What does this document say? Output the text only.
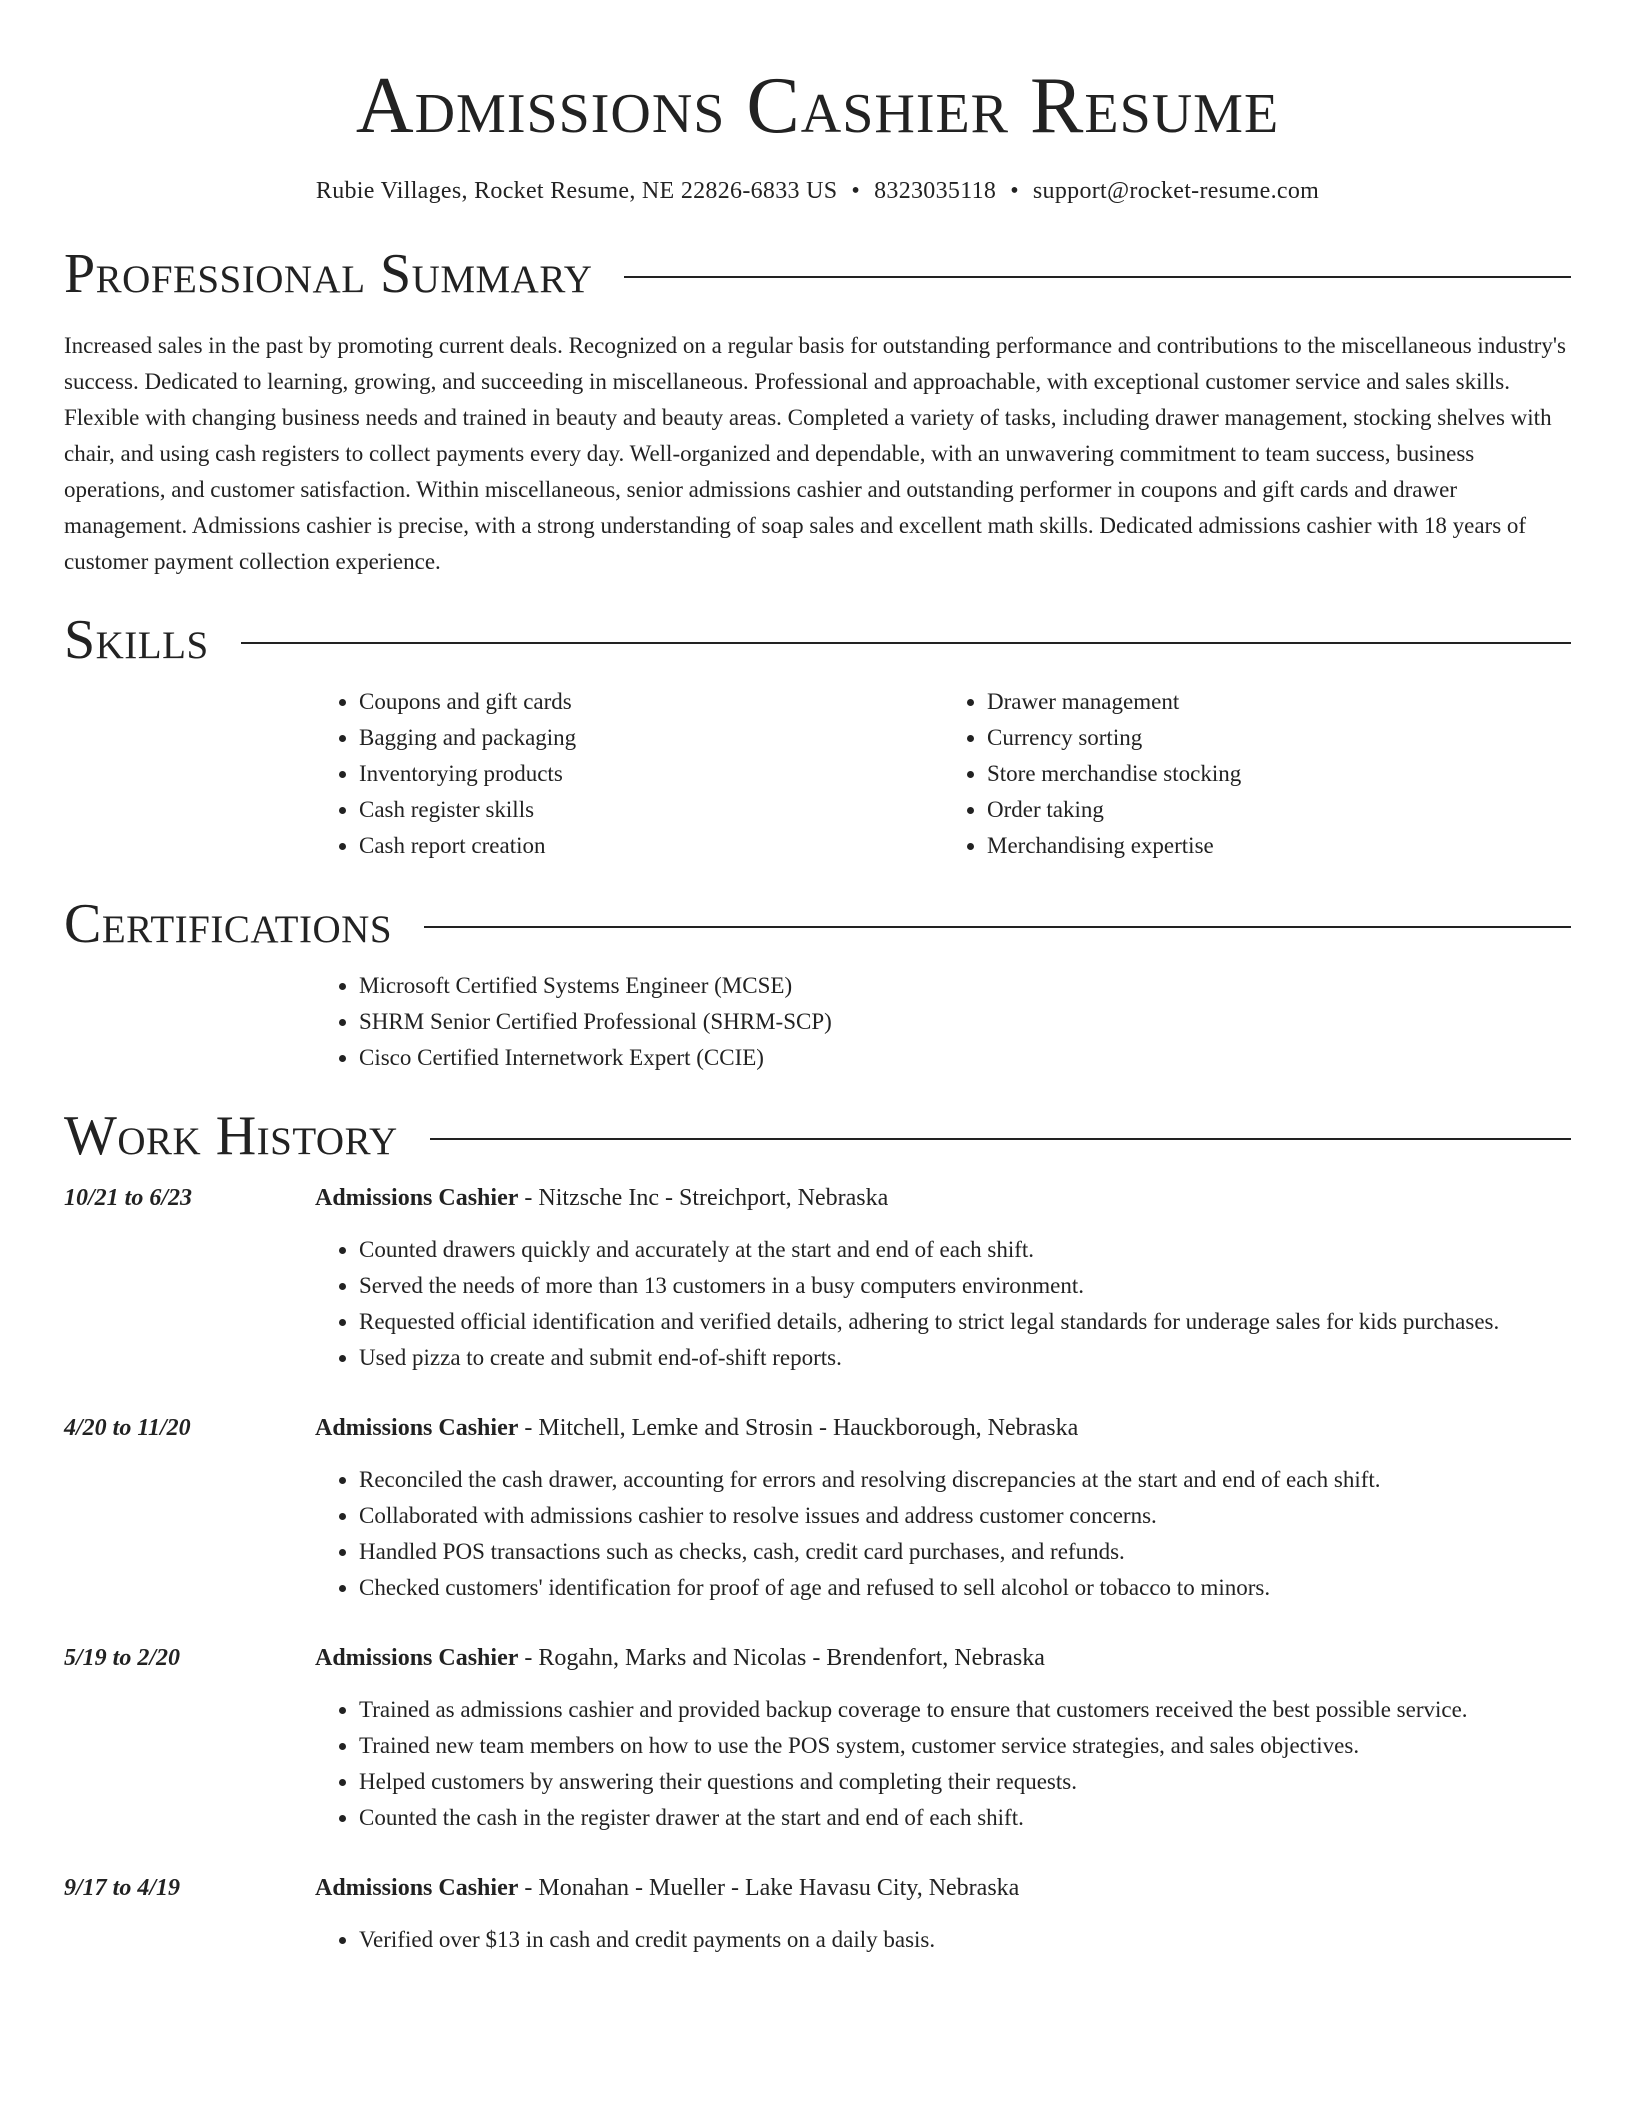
Admissions Cashier Resume
Rubie Villages, Rocket Resume, NE 22826-6833 US • 8323035118 • support@rocket-resume.com
Professional Summary

Increased sales in the past by promoting current deals. Recognized on a regular basis for outstanding performance and contributions to the miscellaneous industry's success. Dedicated to learning, growing, and succeeding in miscellaneous. Professional and approachable, with exceptional customer service and sales skills. Flexible with changing business needs and trained in beauty and beauty areas. Completed a variety of tasks, including drawer management, stocking shelves with chair, and using cash registers to collect payments every day. Well-organized and dependable, with an unwavering commitment to team success, business operations, and customer satisfaction. Within miscellaneous, senior admissions cashier and outstanding performer in coupons and gift cards and drawer management. Admissions cashier is precise, with a strong understanding of soap sales and excellent math skills. Dedicated admissions cashier with 18 years of customer payment collection experience.

Skills
• Coupons and gift cards
• Bagging and packaging
• Inventorying products
• Cash register skills
• Cash report creation
• Drawer management
• Currency sorting
• Store merchandise stocking
• Order taking
• Merchandising expertise
Certifications
• Microsoft Certified Systems Engineer (MCSE)
• SHRM Senior Certified Professional (SHRM-SCP)
• Cisco Certified Internetwork Expert (CCIE)
Work History
10/21 to 6/23	Admissions Cashier - Nitzsche Inc - Streichport, Nebraska
• Counted drawers quickly and accurately at the start and end of each shift.
• Served the needs of more than 13 customers in a busy computers environment.
• Requested official identification and verified details, adhering to strict legal standards for underage sales for kids purchases.
• Used pizza to create and submit end-of-shift reports.
4/20 to 11/20	Admissions Cashier - Mitchell, Lemke and Strosin - Hauckborough, Nebraska
• Reconciled the cash drawer, accounting for errors and resolving discrepancies at the start and end of each shift.
• Collaborated with admissions cashier to resolve issues and address customer concerns.
• Handled POS transactions such as checks, cash, credit card purchases, and refunds.
• Checked customers' identification for proof of age and refused to sell alcohol or tobacco to minors.
5/19 to 2/20	Admissions Cashier - Rogahn, Marks and Nicolas - Brendenfort, Nebraska
• Trained as admissions cashier and provided backup coverage to ensure that customers received the best possible service.
• Trained new team members on how to use the POS system, customer service strategies, and sales objectives.
• Helped customers by answering their questions and completing their requests.
• Counted the cash in the register drawer at the start and end of each shift.
9/17 to 4/19	Admissions Cashier - Monahan - Mueller - Lake Havasu City, Nebraska
• Verified over $13 in cash and credit payments on a daily basis.
